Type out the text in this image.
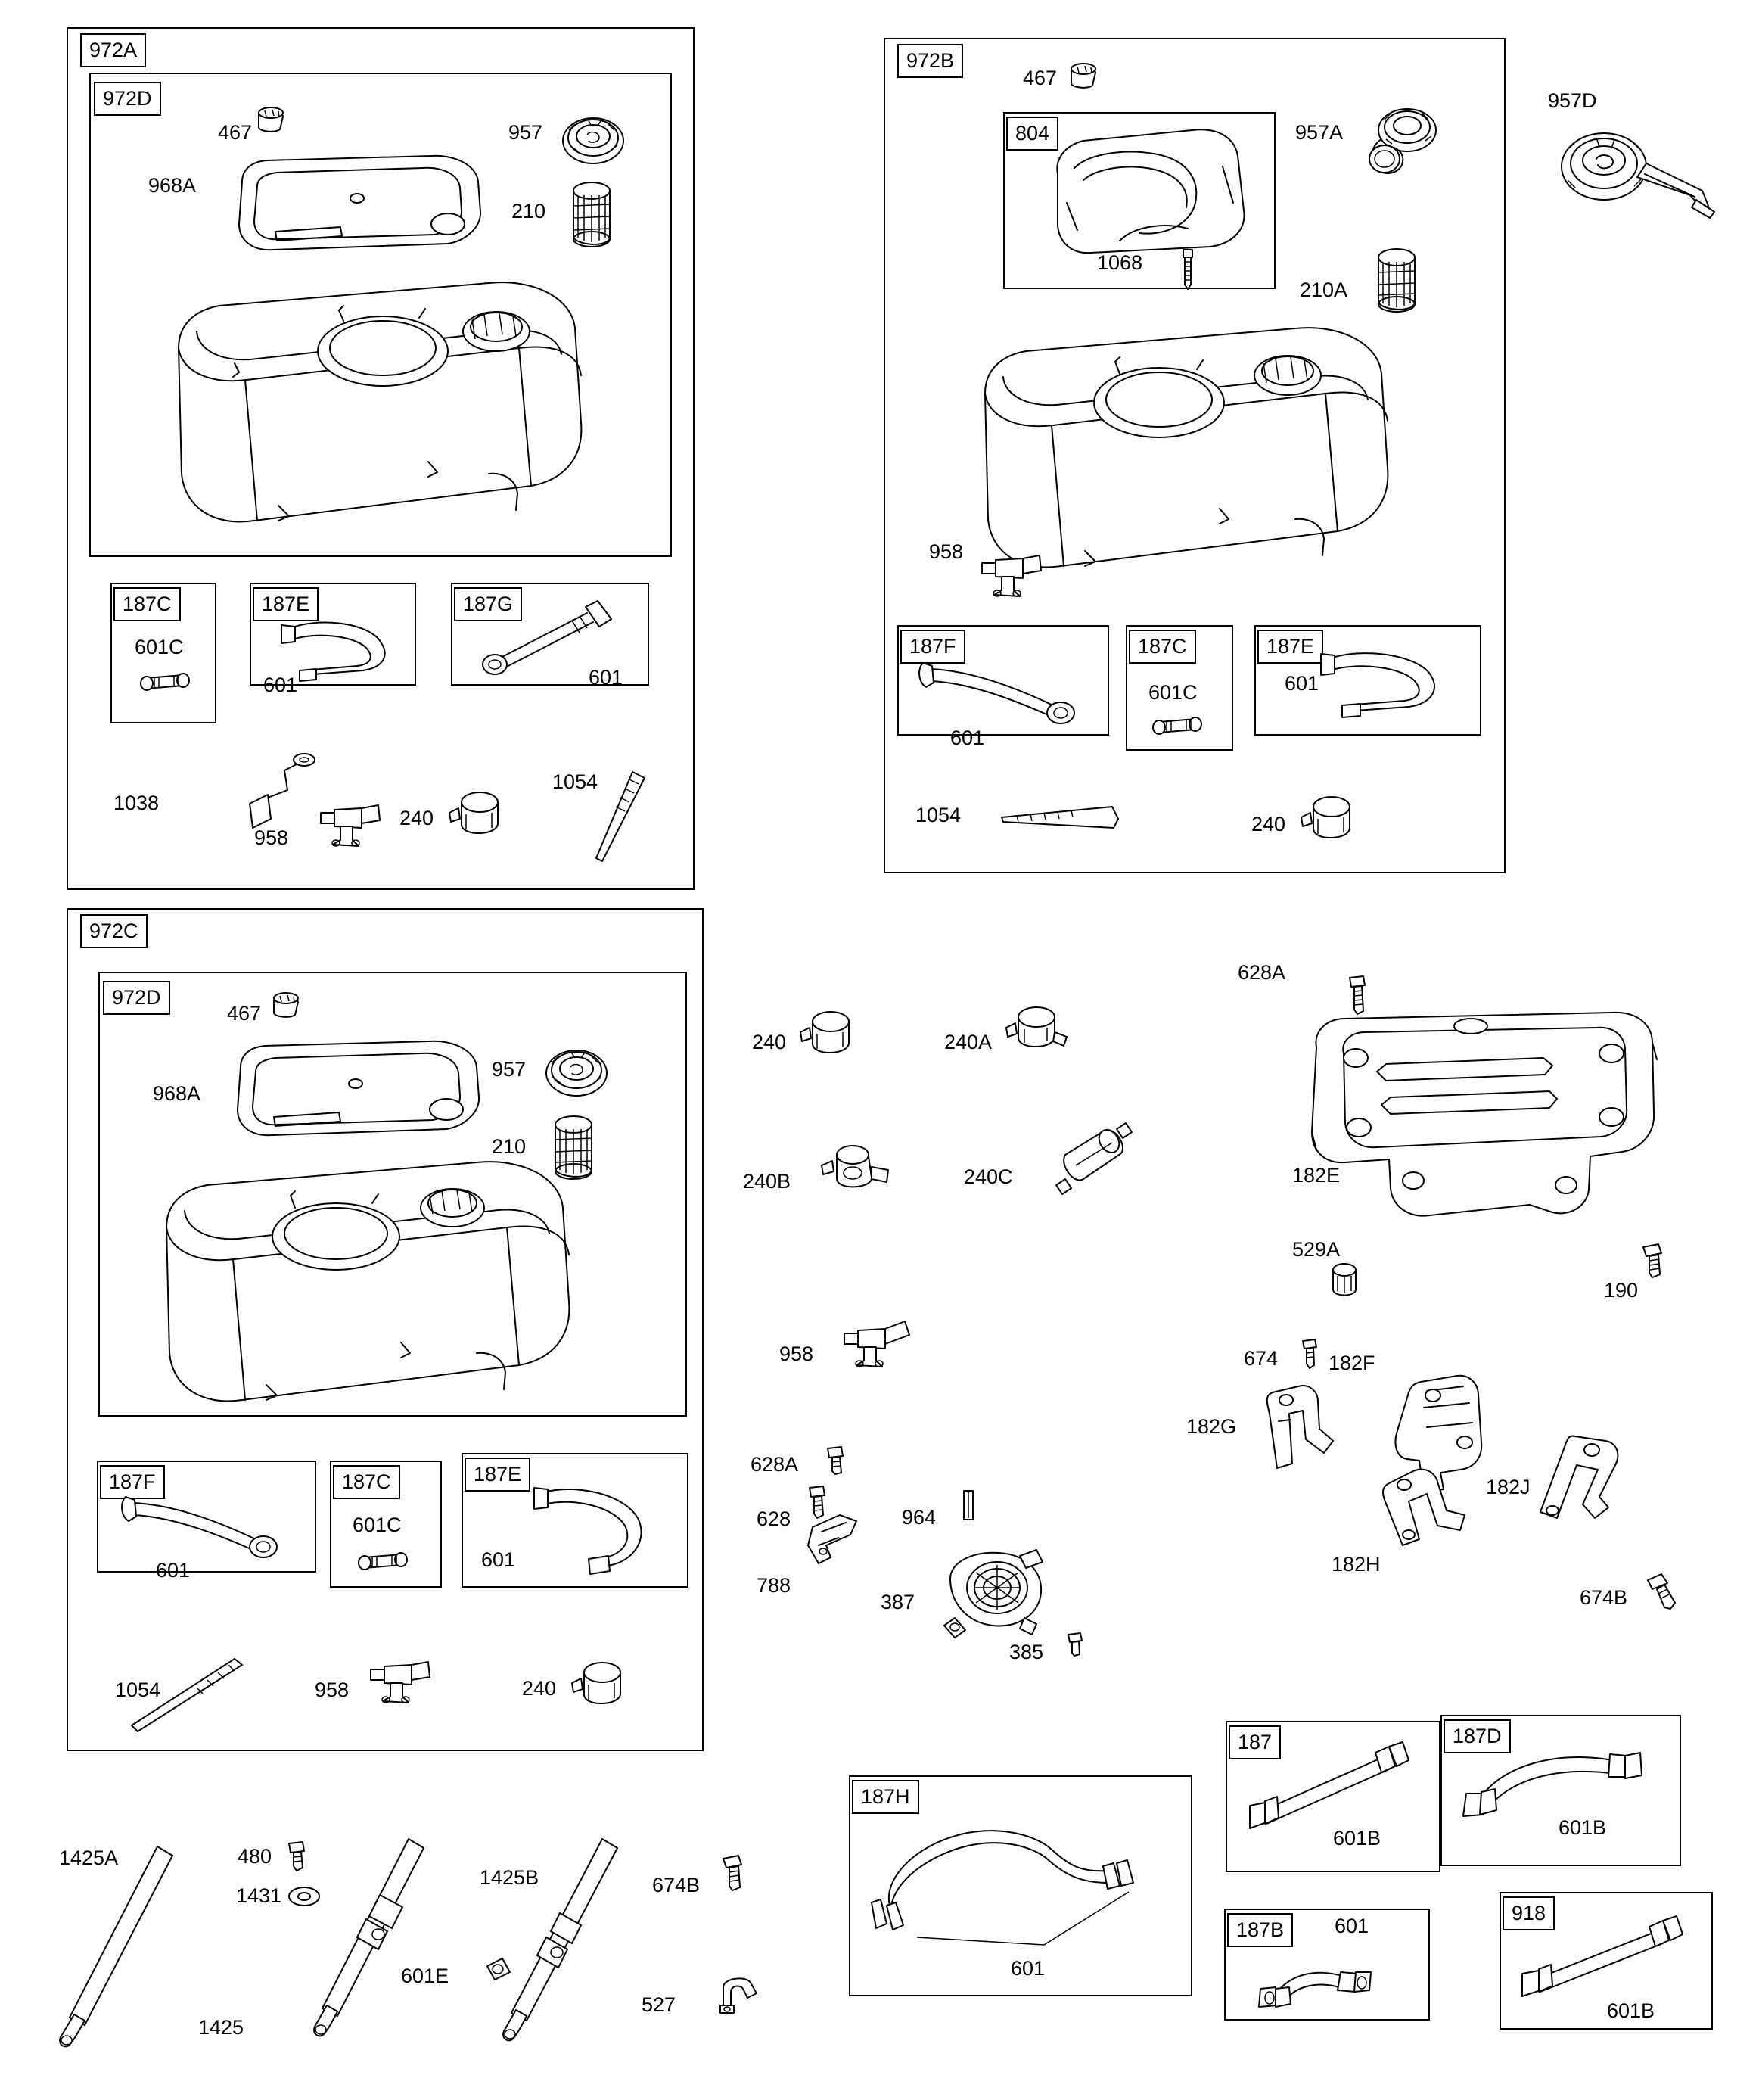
972A
972D
467	957
968A
210
187C
601C
187E
601
187G
601
1038
958
240
1054
972B
467
804
1068
957A
210A
958
187F
601
187C
601C
187E
601
1054	240
957D
972C
972D
467
957
968A
210
187F
601
187C
601C
187E
601
1054	958	240
240	240A
240B	240C
958
628A
628
788
964
387
385
628A
182E
529A
190
674 182F
182G
182J
182H
674B
1425A	480
1431
1425
601E
1425B	674B
527
187H
601
187
601B
187D
601B
187B	601
918
601B
